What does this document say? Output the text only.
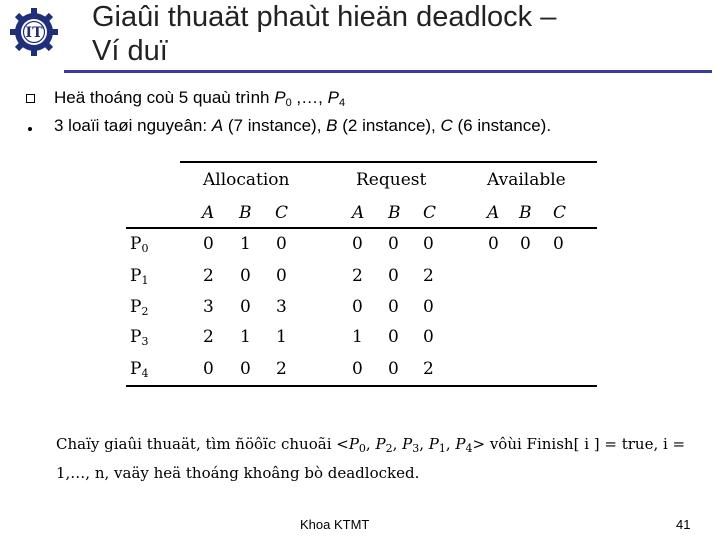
IT Giaûi thuaät phaùt hieän deadlock –
Ví duï
Heä thoáng coù 5 quaù trình $P_0$ ,…, $P_4$
3 loaïi taøi nguyeân: A (7 instance), B (2 instance), C (6 instance).
Allocation	Request	Available
A B C	A B C	A B C
$P_0$	0 1 0	0 0 0	0 0 0
$P_1$	2 0 0	2 0 2
$P_2$	3 0 3	0 0 0
$P_3$	2 1 1	1 0 0
$P_4$	0 0 2	0 0 2
Chaïy giaûi thuaät, tìm ñöôïc chuoãi $<P_0$, $P_2$, $P_3$, $P_1$, $P_4>$ vôùi Finish[ i ] = true, i = 1,…, n, vaäy heä thoáng khoâng bò deadlocked.
Khoa KTMT	41
